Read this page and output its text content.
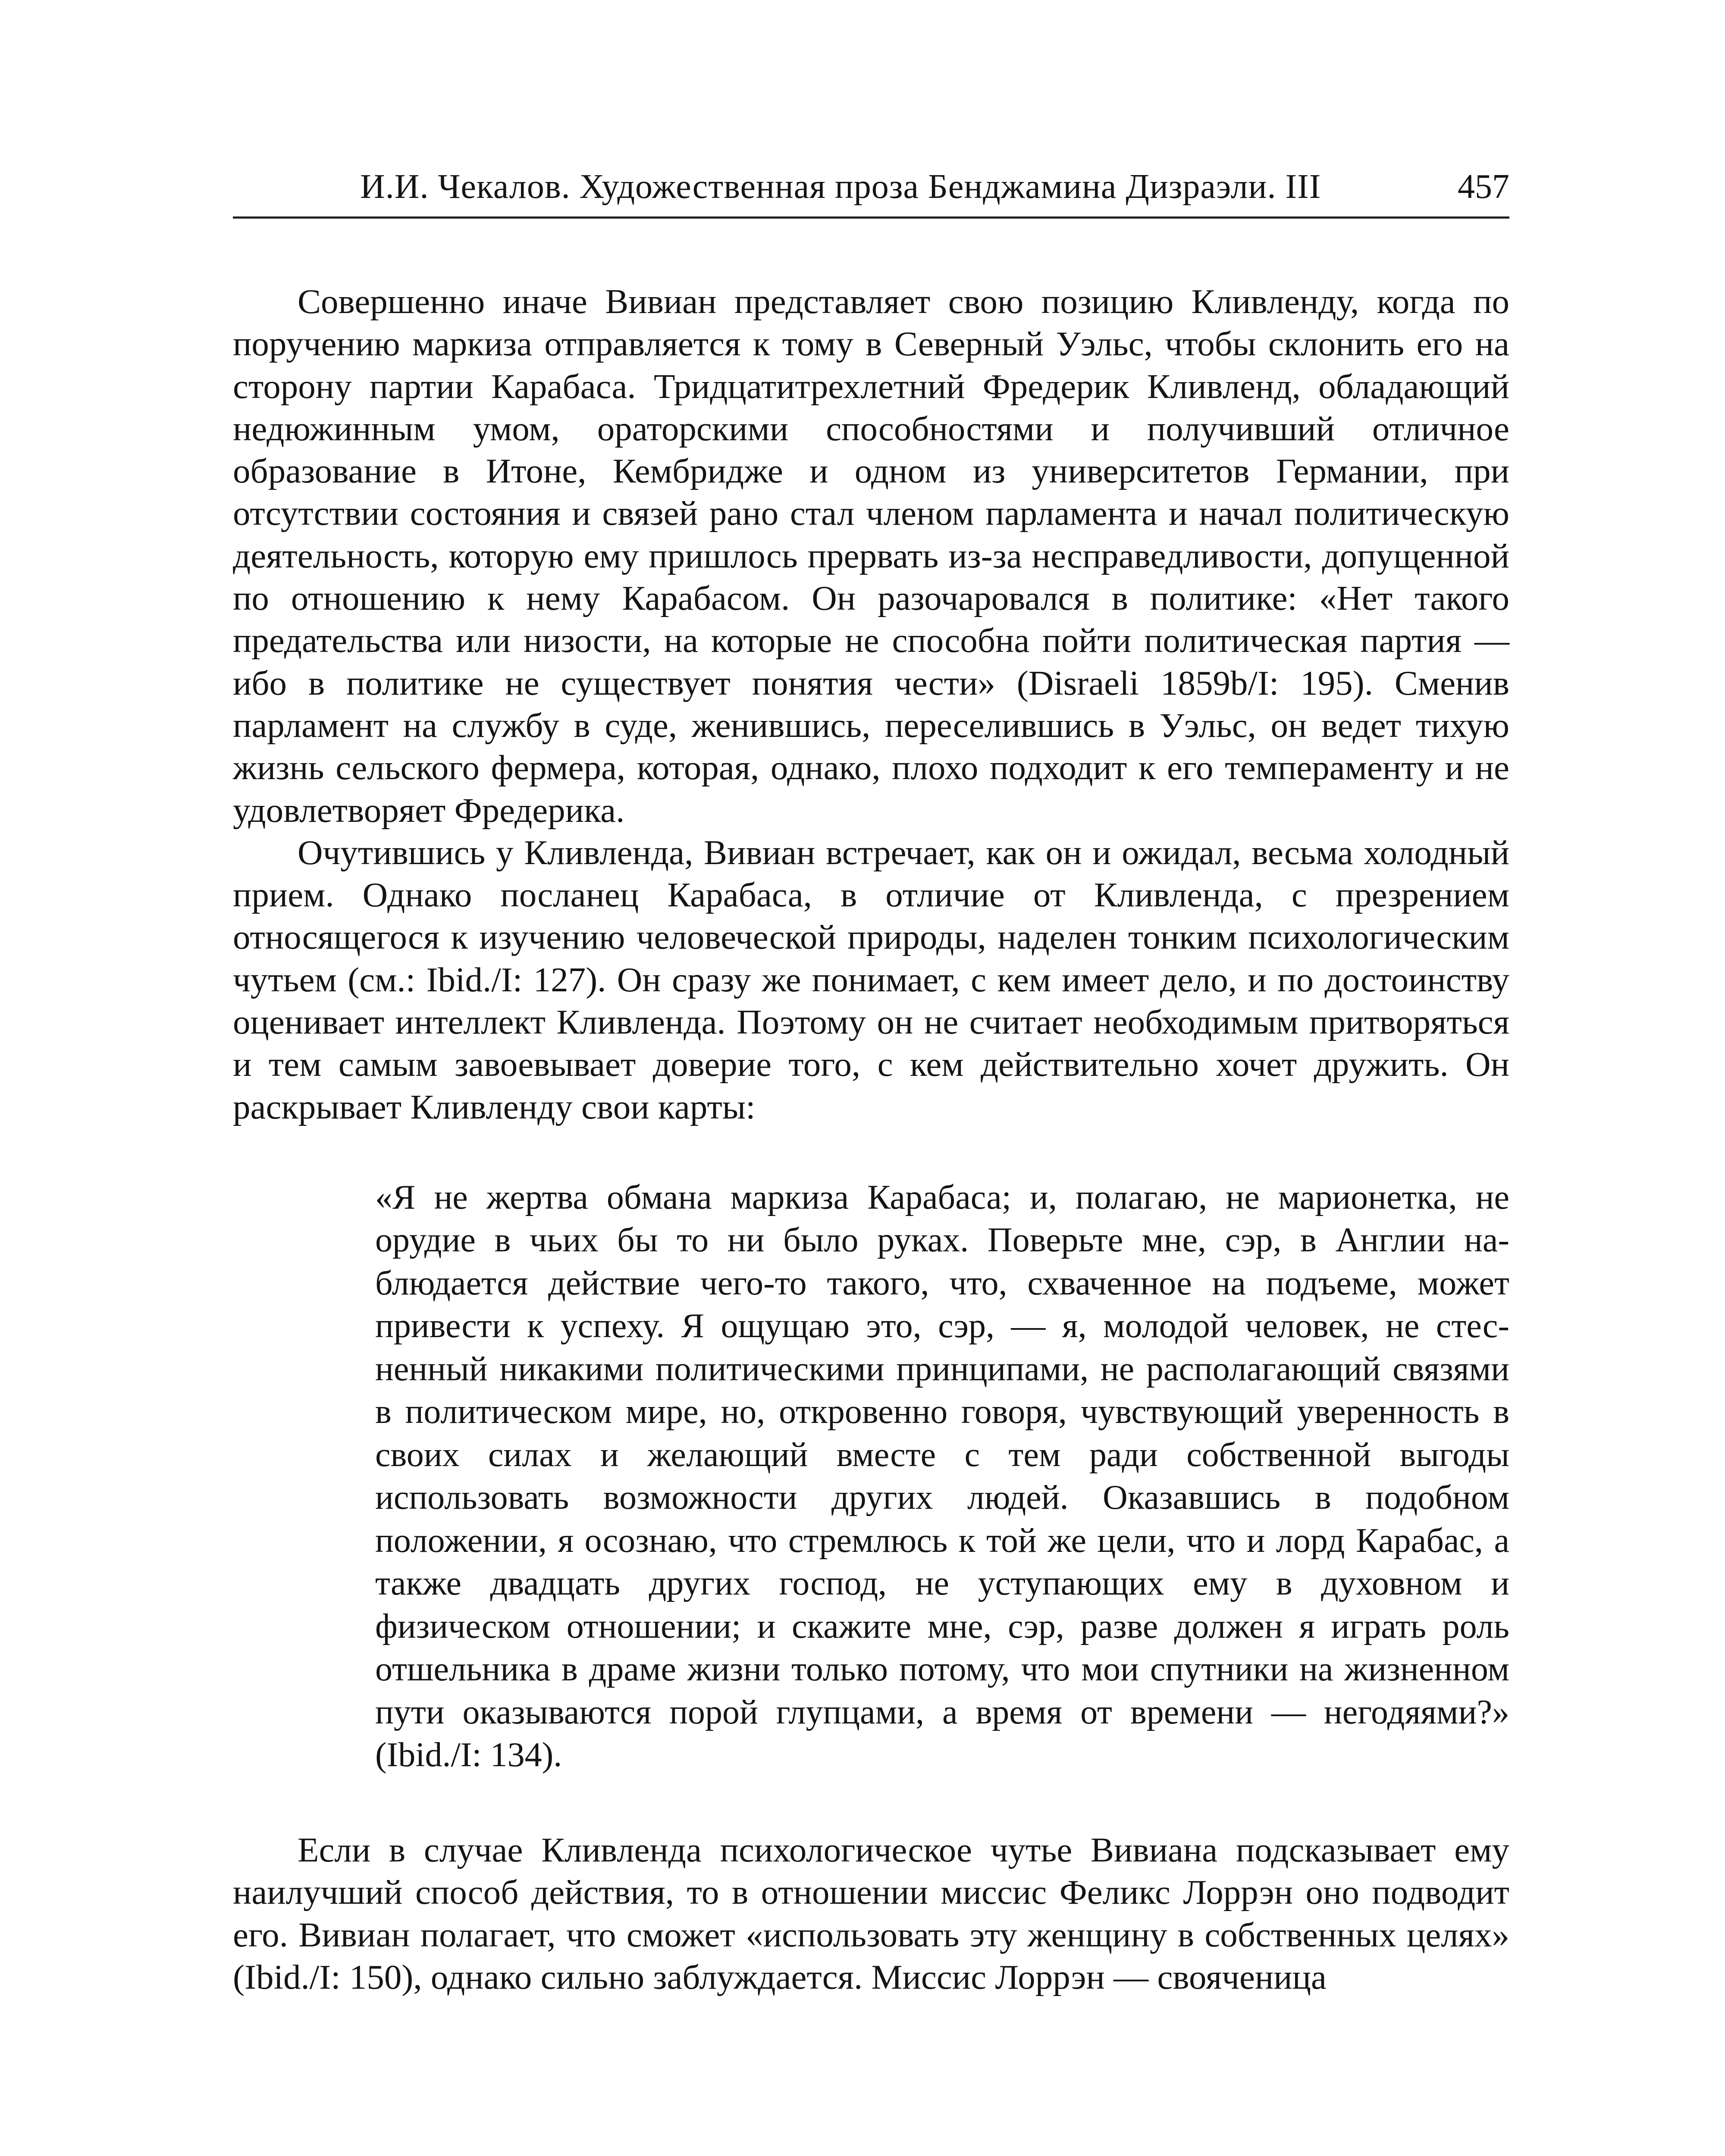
И.И. Чекалов. Художественная проза Бенджамина Дизраэли. III	457

Совершенно иначе Вивиан представляет свою позицию Кливленду, когда по поручению маркиза отправляется к тому в Северный Уэльс, чтобы склонить его на сторону партии Карабаса. Тридцатитрехлетний Фредерик Кливленд, обладающий недюжинным умом, ораторскими способностями и получивший отличное образование в Итоне, Кембридже и одном из университетов Германии, при отсутствии состояния и связей рано стал членом парламента и начал политическую деятельность, которую ему пришлось прервать из-за несправедливости, допущенной по отношению к нему Карабасом. Он разочаровался в политике: «Нет такого предательства или низости, на которые не способна пойти политическая партия — ибо в политике не существует понятия чести» (Disraeli 1859b/I: 195). Сменив парламент на службу в суде, женившись, переселившись в Уэльс, он ведет тихую жизнь сельского фермера, которая, однако, плохо подходит к его темпераменту и не удовлетворяет Фредерика.

Очутившись у Кливленда, Вивиан встречает, как он и ожидал, весьма холодный прием. Однако посланец Карабаса, в отличие от Кливленда, с презрением относящегося к изучению человеческой природы, наделен тонким психологическим чутьем (см.: Ibid./I: 127). Он сразу же понимает, с кем имеет дело, и по достоинству оценивает интеллект Кливленда. Поэтому он не считает необходимым притворяться и тем самым завоевывает доверие того, с кем действительно хочет дружить. Он раскрывает Кливленду свои карты:

«Я не жертва обмана маркиза Карабаса; и, полагаю, не марионетка, не орудие в чьих бы то ни было руках. Поверьте мне, сэр, в Англии наблюдается действие чего-то такого, что, схваченное на подъеме, может привести к успеху. Я ощущаю это, сэр, — я, молодой человек, не стесненный никакими политическими принципами, не располагающий связями в политическом мире, но, откровенно говоря, чувствующий уверенность в своих силах и желающий вместе с тем ради собственной выгоды использовать возможности других людей. Оказавшись в подобном положении, я осознаю, что стремлюсь к той же цели, что и лорд Карабас, а также двадцать других господ, не уступающих ему в духовном и физическом отношении; и скажите мне, сэр, разве должен я играть роль отшельника в драме жизни только потому, что мои спутники на жизненном пути оказываются порой глупцами, а время от времени — негодяями?» (Ibid./I: 134).

Если в случае Кливленда психологическое чутье Вивиана подсказывает ему наилучший способ действия, то в отношении миссис Феликс Лоррэн оно подводит его. Вивиан полагает, что сможет «использовать эту женщину в собственных целях» (Ibid./I: 150), однако сильно заблуждается. Миссис Лоррэн — свояченица
